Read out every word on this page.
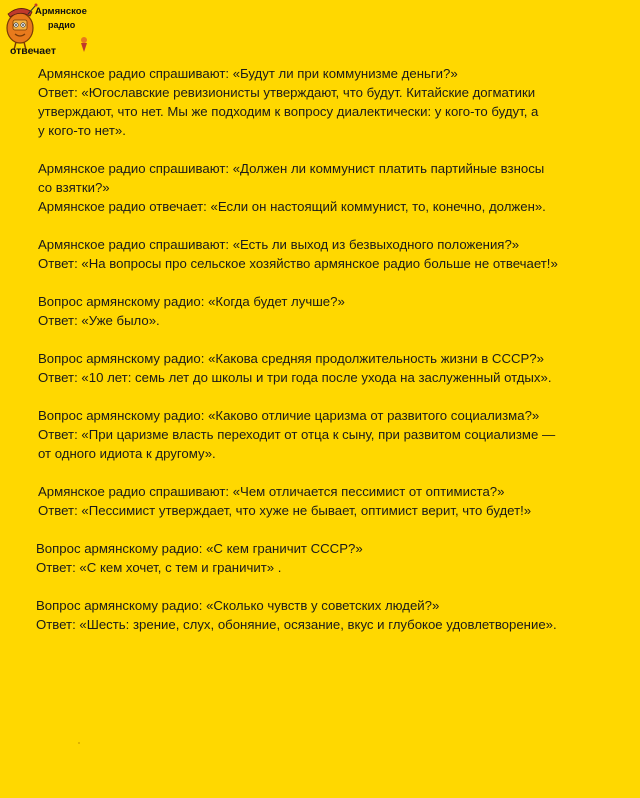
Армянское
радио
отвечает

Армянское радио спрашивают: «Будут ли при коммунизме деньги?»
Ответ: «Югославские ревизионисты утверждают, что будут. Китайские догматики
утверждают, что нет. Мы же подходим к вопросу диалектически: у кого-то будут, а
у кого-то нет».

Армянское радио спрашивают: «Должен ли коммунист платить партийные взносы
со взятки?»
Армянское радио отвечает: «Если он настоящий коммунист, то, конечно, должен».

Армянское радио спрашивают: «Есть ли выход из безвыходного положения?»
Ответ: «На вопросы про сельское хозяйство армянское радио больше не отвечает!»

Вопрос армянскому радио: «Когда будет лучше?»
Ответ: «Уже было».

Вопрос армянскому радио: «Какова средняя продолжительность жизни в СССР?»
Ответ: «10 лет: семь лет до школы и три года после ухода на заслуженный отдых».

Вопрос армянскому радио: «Каково отличие царизма от развитого социализма?»
Ответ: «При царизме власть переходит от отца к сыну, при развитом социализме —
от одного идиота к другому».

Армянское радио спрашивают: «Чем отличается пессимист от оптимиста?»
Ответ: «Пессимист утверждает, что хуже не бывает, оптимист верит, что будет!»

Вопрос армянскому радио: «С кем граничит СССР?»
Ответ: «С кем хочет, с тем и граничит» .

Вопрос армянскому радио: «Сколько чувств у советских людей?»
Ответ: «Шесть: зрение, слух, обоняние, осязание, вкус и глубокое удовлетворение».
